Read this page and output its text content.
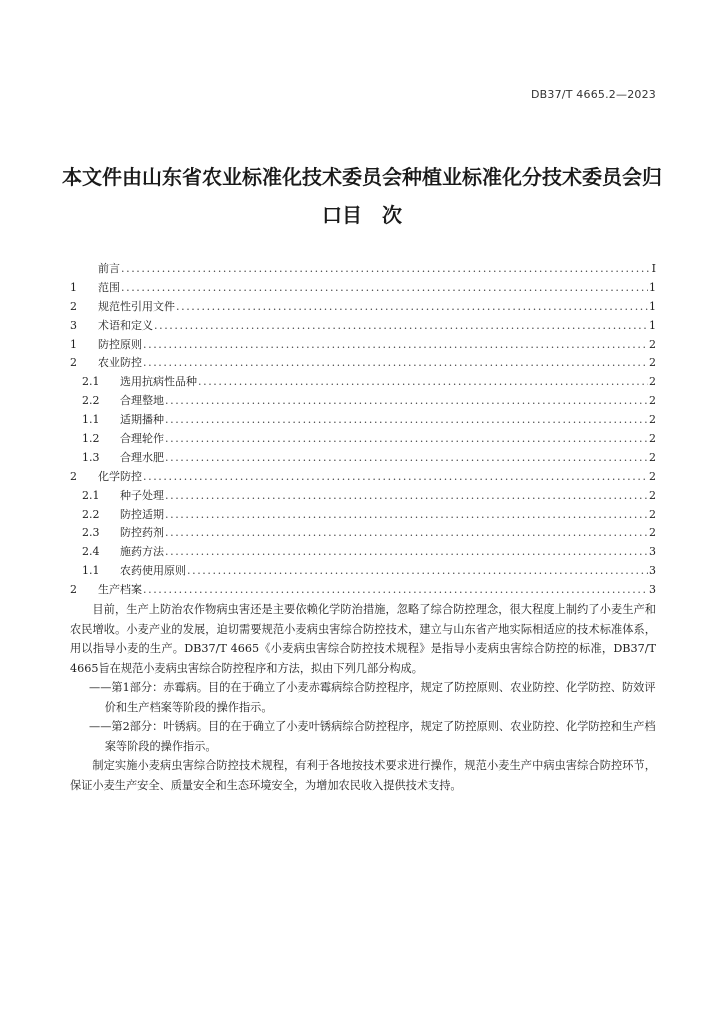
DB37/T 4665.2—2023
本文件由山东省农业标准化技术委员会种植业标准化分技术委员会归
口目　次
前言 .....	I
1	范围 .....	1
2	规范性引用文件 .....	1
3	术语和定义 .....	1
1	防控原则 .....	2
2	农业防控 .....	2
2.1	选用抗病性品种 .....	2
2.2	合理整地 .....	2
1.1	适期播种 .....	2
1.2	合理轮作 .....	2
1.3	合理水肥 .....	2
2	化学防控 .....	2
2.1	种子处理 .....	2
2.2	防控适期 .....	2
2.3	防控药剂 .....	2
2.4	施药方法 .....	3
1.1	农药使用原则 .....	3
2	生产档案 .....	3

目前，生产上防治农作物病虫害还是主要依赖化学防治措施，忽略了综合防控理念，很大程度上制约了小麦生产和农民增收。小麦产业的发展，迫切需要规范小麦病虫害综合防控技术，建立与山东省产地实际相适应的技术标准体系，用以指导小麦的生产。DB37/T 4665《小麦病虫害综合防控技术规程》是指导小麦病虫害综合防控的标准，DB37/T 4665旨在规范小麦病虫害综合防控程序和方法，拟由下列几部分构成。

——第1部分：赤霉病。目的在于确立了小麦赤霉病综合防控程序，规定了防控原则、农业防控、化学防控、防效评价和生产档案等阶段的操作指示。

——第2部分：叶锈病。目的在于确立了小麦叶锈病综合防控程序，规定了防控原则、农业防控、化学防控和生产档案等阶段的操作指示。

制定实施小麦病虫害综合防控技术规程，有利于各地按技术要求进行操作，规范小麦生产中病虫害综合防控环节，保证小麦生产安全、质量安全和生态环境安全，为增加农民收入提供技术支持。
